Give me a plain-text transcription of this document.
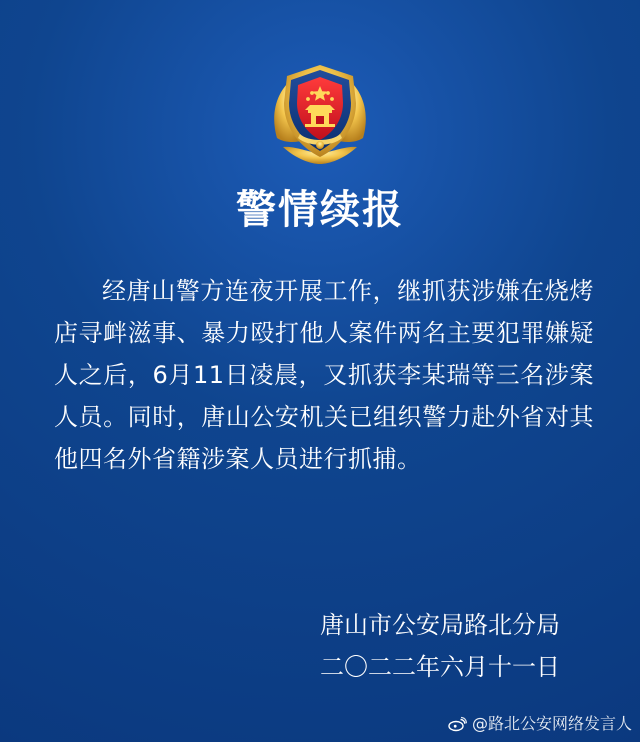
警情续报
经唐山警方连夜开展工作，继抓获涉嫌在烧烤店寻衅滋事、暴力殴打他人案件两名主要犯罪嫌疑人之后，6月11日凌晨，又抓获李某瑞等三名涉案人员。同时，唐山公安机关已组织警力赴外省对其他四名外省籍涉案人员进行抓捕。
唐山市公安局路北分局
二〇二二年六月十一日
@路北公安网络发言人
